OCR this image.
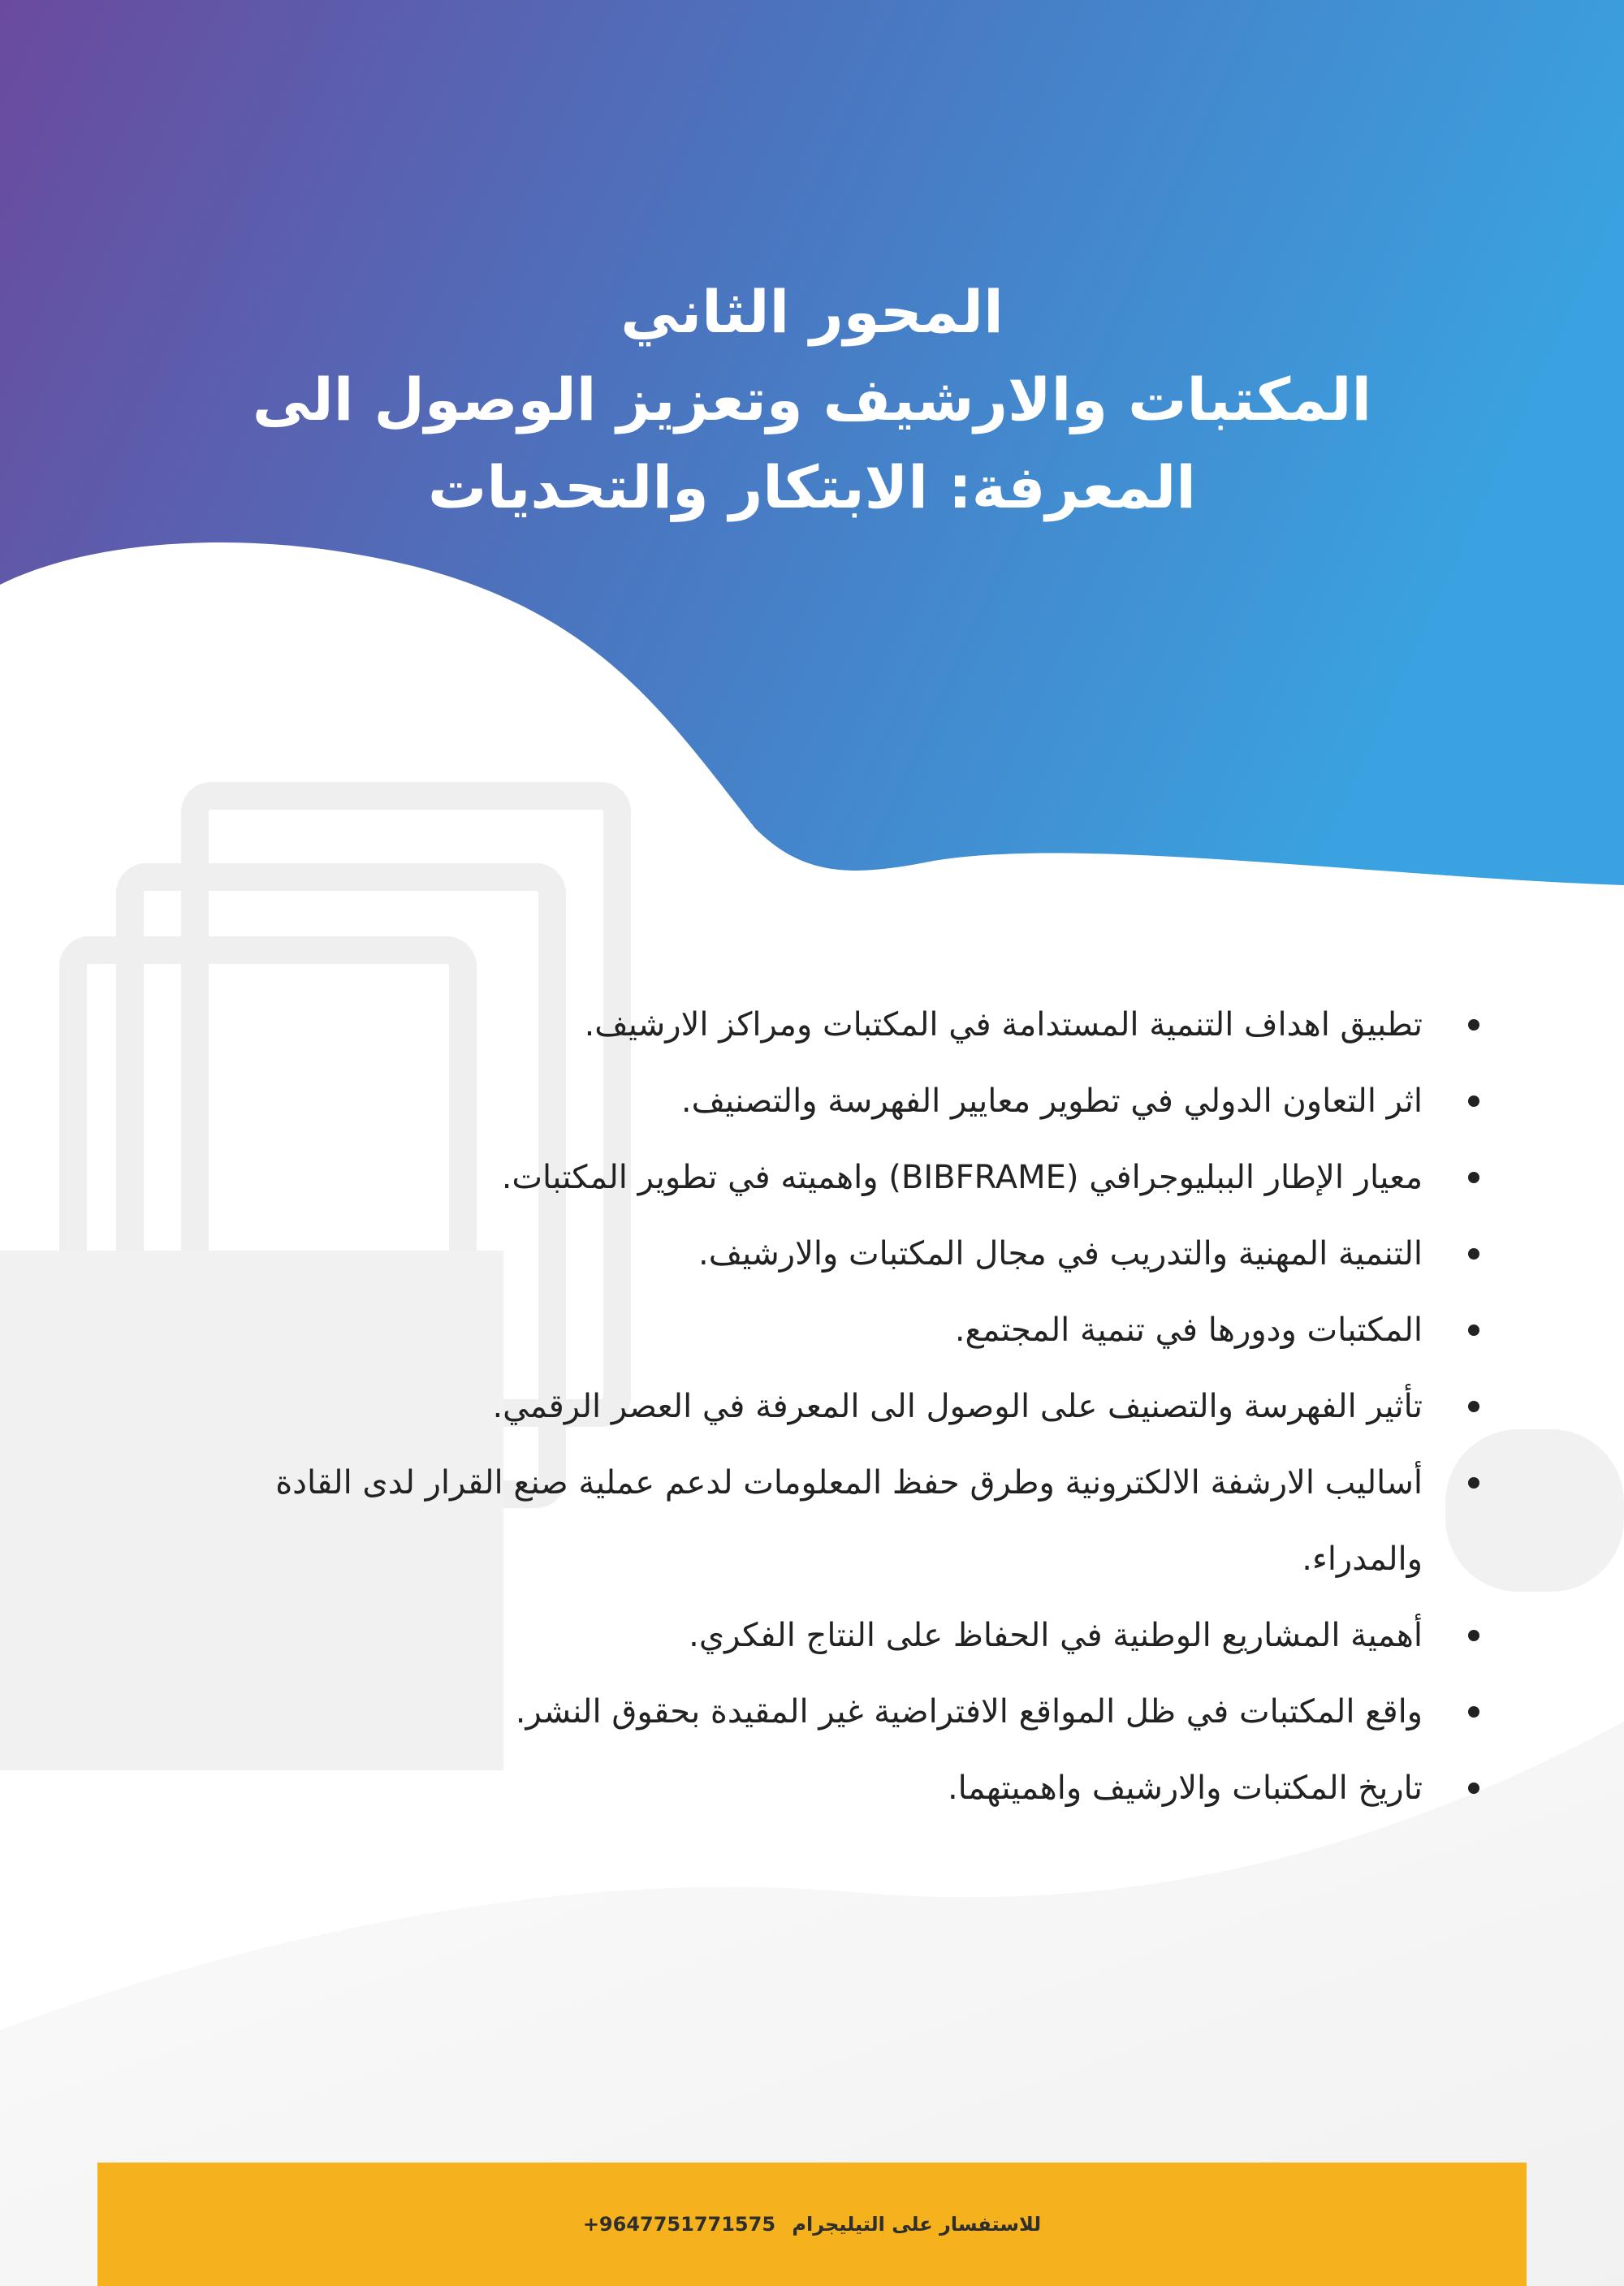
المحور الثاني
المكتبات والارشيف وتعزيز الوصول الى
المعرفة: الابتكار والتحديات
تطبيق اهداف التنمية المستدامة في المكتبات ومراكز الارشيف.
اثر التعاون الدولي في تطوير معايير الفهرسة والتصنيف.
معيار الإطار الببليوجرافي (BIBFRAME) واهميته في تطوير المكتبات.
التنمية المهنية والتدريب في مجال المكتبات والارشيف.
المكتبات ودورها في تنمية المجتمع.
تأثير الفهرسة والتصنيف على الوصول الى المعرفة في العصر الرقمي.
أساليب الارشفة الالكترونية وطرق حفظ المعلومات لدعم عملية صنع القرار لدى القادة والمدراء.
أهمية المشاريع الوطنية في الحفاظ على النتاج الفكري.
واقع المكتبات في ظل المواقع الافتراضية غير المقيدة بحقوق النشر.
تاريخ المكتبات والارشيف واهميتهما.
للاستفسار على التيليجرام +9647751771575
